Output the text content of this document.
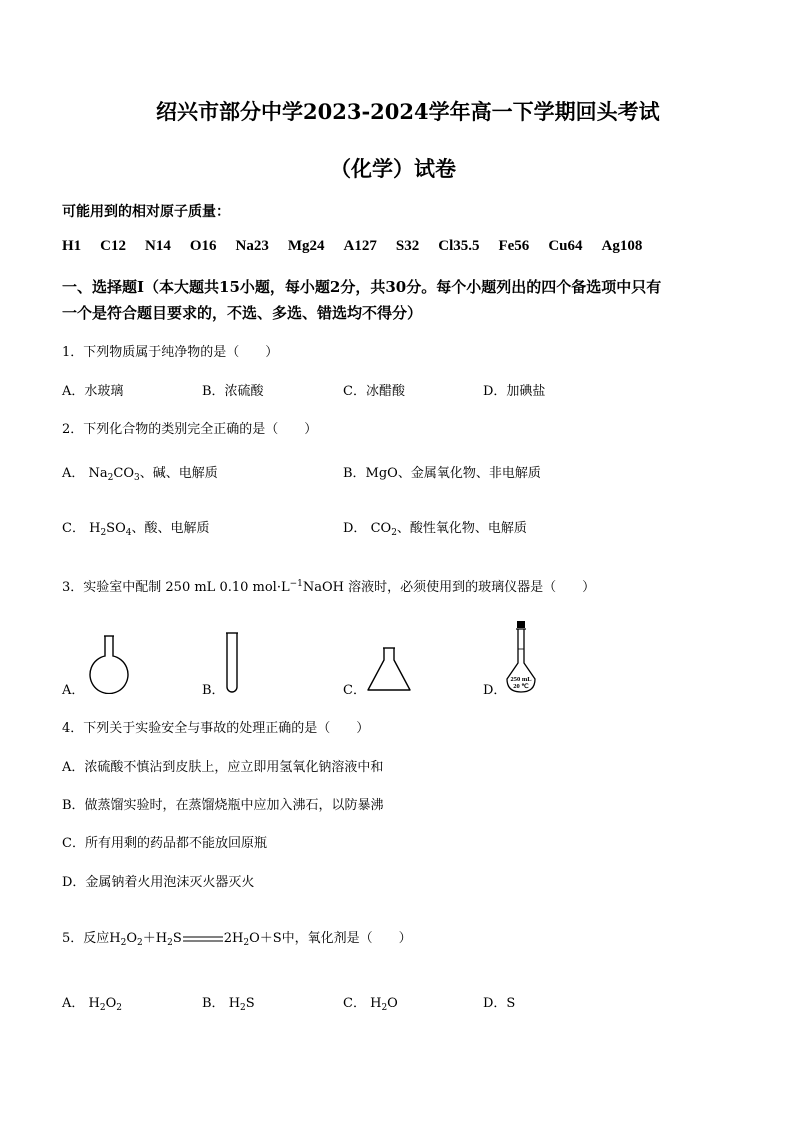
绍兴市部分中学2023-2024学年高一下学期回头考试
（化学）试卷
可能用到的相对原子质量：
H1 C12 N14 O16 Na23 Mg24 A127 S32 Cl35.5 Fe56 Cu64 Ag108
一、选择题Ⅰ（本大题共15小题，每小题2分，共30分。每个小题列出的四个备选项中只有
一个是符合题目要求的，不选、多选、错选均不得分）
1．下列物质属于纯净物的是（　　）
A．水玻璃	B．浓硫酸	C．冰醋酸	D．加碘盐
2．下列化合物的类别完全正确的是（　　）
A． $Na_2CO_3$、碱、电解质	B．MgO、金属氧化物、非电解质
C． $H_2SO_4$、酸、电解质	D． $CO_2$、酸性氧化物、电解质
3．实验室中配制 250 mL 0.10 $mol\cdot L^{-1}NaOH$ 溶液时，必须使用到的玻璃仪器是（　　）
A．	B．	C．	D．
250 mL
20 ℃
4．下列关于实验安全与事故的处理正确的是（　　）
A．浓硫酸不慎沾到皮肤上，应立即用氢氧化钠溶液中和
B．做蒸馏实验时，在蒸馏烧瓶中应加入沸石，以防暴沸
C．所有用剩的药品都不能放回原瓶
D．金属钠着火用泡沫灭火器灭火
5．反应$H_2O_2+H_2S$	$2H_2O+S$中，氧化剂是（　　）
A． $H_2O_2$	B． $H_2S$	C． $H_2O$	D．S
